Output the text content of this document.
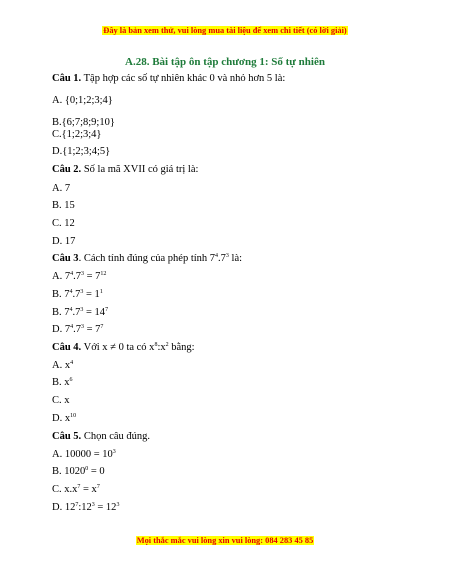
Đây là bản xem thử, vui lòng mua tài liệu để xem chi tiết (có lời giải)
A.28. Bài tập ôn tập chương 1: Số tự nhiên
Câu 1. Tập hợp các số tự nhiên khác 0 và nhỏ hơn 5 là:
A. {0;1;2;3;4}
B.{6;7;8;9;10}
C.{1;2;3;4}
D.{1;2;3;4;5}
Câu 2. Số la mã XVII có giá trị là:
A. 7
B. 15
C. 12
D. 17
Câu 3. Cách tính đúng của phép tính $7^4.7^3$ là:
A. $7^4.7^3 = 7^{12}$
B. $7^4.7^3 = 1^1$
B. $7^4.7^3 = 14^7$
D. $7^4.7^3 = 7^7$
Câu 4. Với x ≠ 0 ta có $x^8:x^2$ bằng:
A. $x^4$
B. $x^6$
C. x
D. $x^{10}$
Câu 5. Chọn câu đúng.
A. $10000 = 10^3$
B. $1020^0 = 0$
C. $x.x^7 = x^7$
D. $12^7:12^3 = 12^3$
Mọi thắc mắc vui lòng xin vui lòng: 084 283 45 85
